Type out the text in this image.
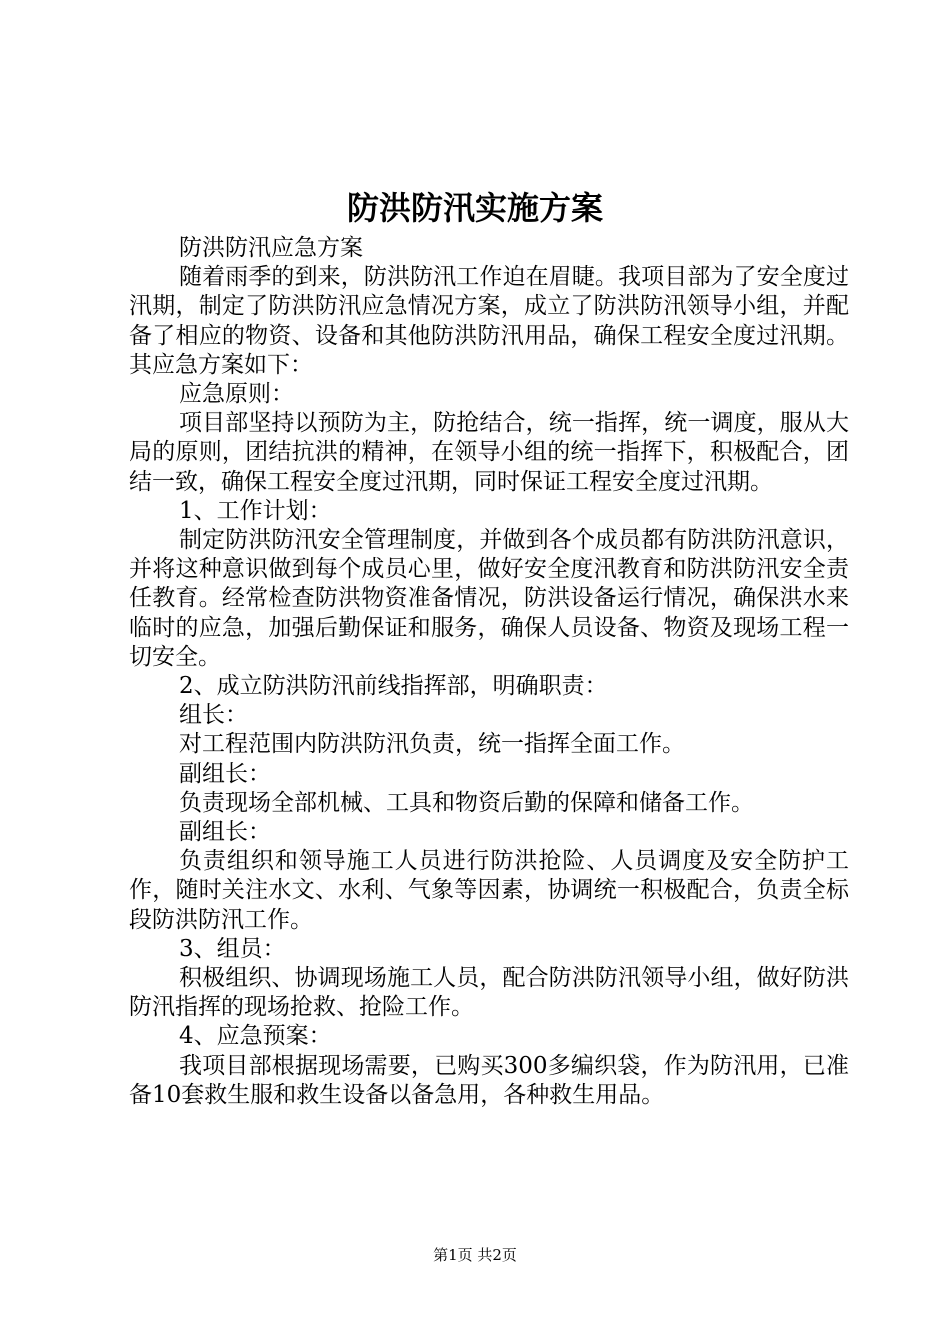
防洪防汛实施方案

防洪防汛应急方案

随着雨季的到来，防洪防汛工作迫在眉睫。我项目部为了安全度过汛期，制定了防洪防汛应急情况方案，成立了防洪防汛领导小组，并配备了相应的物资、设备和其他防洪防汛用品，确保工程安全度过汛期。其应急方案如下：

应急原则：

项目部坚持以预防为主，防抢结合，统一指挥，统一调度，服从大局的原则，团结抗洪的精神，在领导小组的统一指挥下，积极配合，团结一致，确保工程安全度过汛期，同时保证工程安全度过汛期。

1、工作计划：

制定防洪防汛安全管理制度，并做到各个成员都有防洪防汛意识，并将这种意识做到每个成员心里，做好安全度汛教育和防洪防汛安全责任教育。经常检查防洪物资准备情况，防洪设备运行情况，确保洪水来临时的应急，加强后勤保证和服务，确保人员设备、物资及现场工程一切安全。

2、成立防洪防汛前线指挥部，明确职责：

组长：

对工程范围内防洪防汛负责，统一指挥全面工作。

副组长：

负责现场全部机械、工具和物资后勤的保障和储备工作。

副组长：

负责组织和领导施工人员进行防洪抢险、人员调度及安全防护工作，随时关注水文、水利、气象等因素，协调统一积极配合，负责全标段防洪防汛工作。

3、组员：

积极组织、协调现场施工人员，配合防洪防汛领导小组，做好防洪防汛指挥的现场抢救、抢险工作。

4、应急预案：

我项目部根据现场需要，已购买300多编织袋，作为防汛用，已准备10套救生服和救生设备以备急用，各种救生用品。

第1页 共2页
